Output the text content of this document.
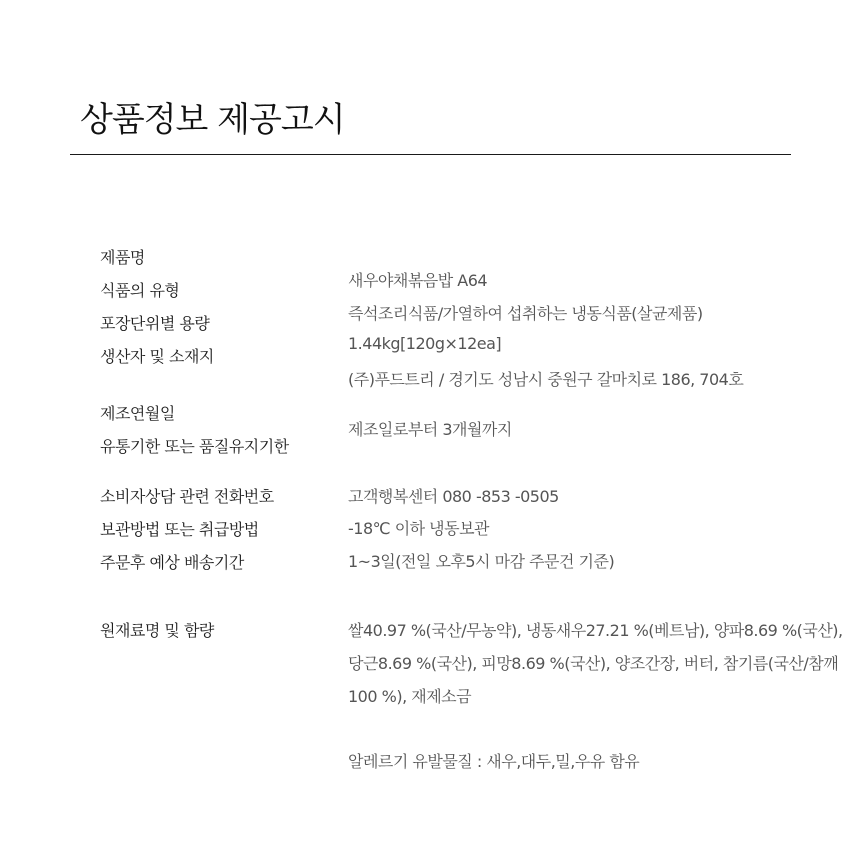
상품정보 제공고시
제품명
식품의 유형
포장단위별 용량
생산자 및 소재지
제조연월일
유통기한 또는 품질유지기한
소비자상담 관련 전화번호
보관방법 또는 취급방법
주문후 예상 배송기간
원재료명 및 함량
새우야채볶음밥 A64
즉석조리식품/가열하여 섭취하는 냉동식품(살균제품)
1.44kg[120g×12ea]
(주)푸드트리 / 경기도 성남시 중원구 갈마치로 186, 704호
제조일로부터 3개월까지
고객행복센터 080 -853 -0505
-18℃ 이하 냉동보관
1~3일(전일 오후5시 마감 주문건 기준)
쌀40.97 %(국산/무농약), 냉동새우27.21 %(베트남), 양파8.69 %(국산),
당근8.69 %(국산), 피망8.69 %(국산), 양조간장, 버터, 참기름(국산/참깨
100 %), 재제소금
알레르기 유발물질 : 새우,대두,밀,우유 함유
